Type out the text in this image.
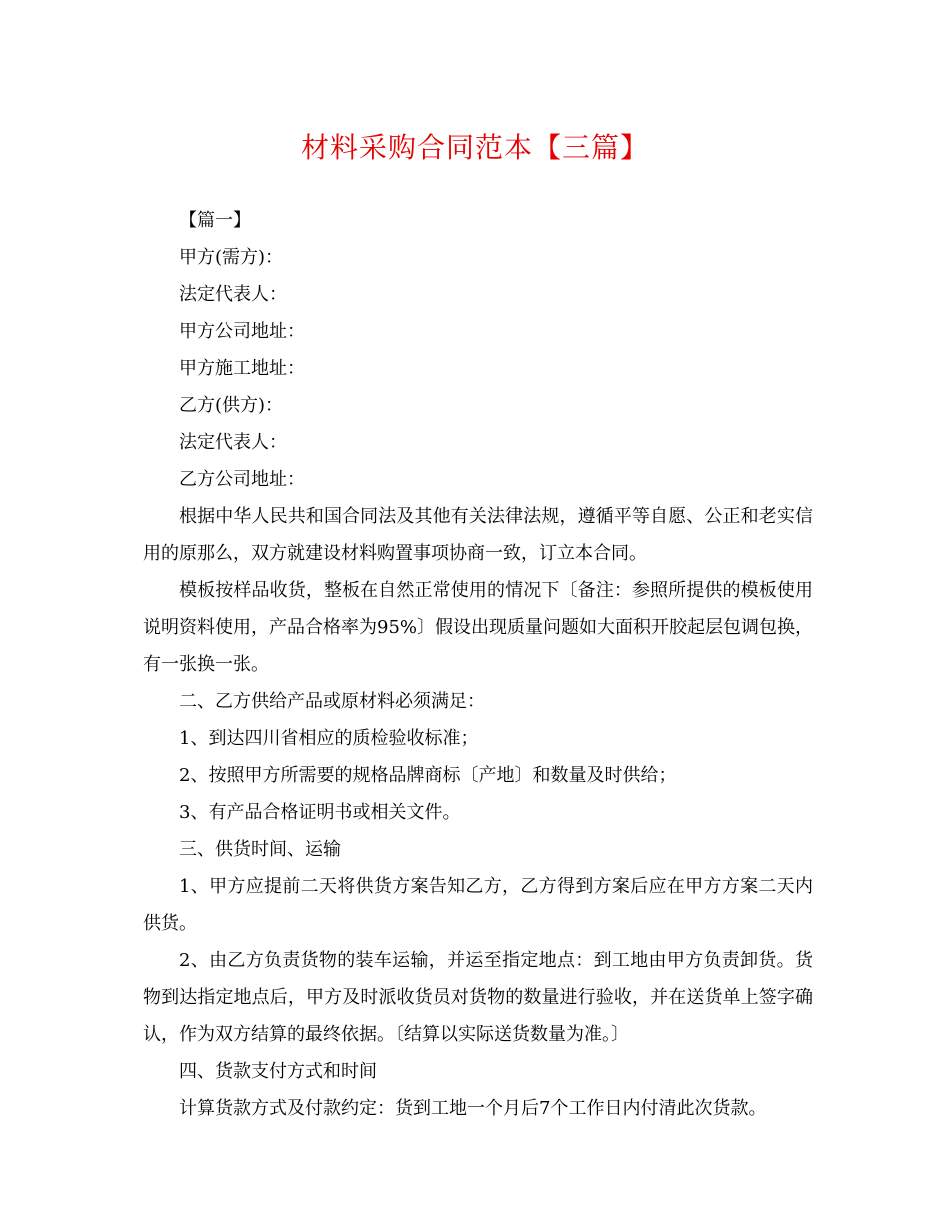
材料采购合同范本【三篇】

【篇一】

甲方(需方)：

法定代表人：

甲方公司地址：

甲方施工地址：

乙方(供方)：

法定代表人：

乙方公司地址：

根据中华人民共和国合同法及其他有关法律法规，遵循平等自愿、公正和老实信用的原那么，双方就建设材料购置事项协商一致，订立本合同。

模板按样品收货，整板在自然正常使用的情况下〔备注：参照所提供的模板使用说明资料使用，产品合格率为95%〕假设出现质量问题如大面积开胶起层包调包换，有一张换一张。

二、乙方供给产品或原材料必须满足：

1、到达四川省相应的质检验收标准；

2、按照甲方所需要的规格品牌商标〔产地〕和数量及时供给；

3、有产品合格证明书或相关文件。

三、供货时间、运输

1、甲方应提前二天将供货方案告知乙方，乙方得到方案后应在甲方方案二天内供货。

2、由乙方负责货物的装车运输，并运至指定地点：到工地由甲方负责卸货。货物到达指定地点后，甲方及时派收货员对货物的数量进行验收，并在送货单上签字确认，作为双方结算的最终依据。〔结算以实际送货数量为准。〕

四、货款支付方式和时间

计算货款方式及付款约定：货到工地一个月后7个工作日内付清此次货款。
